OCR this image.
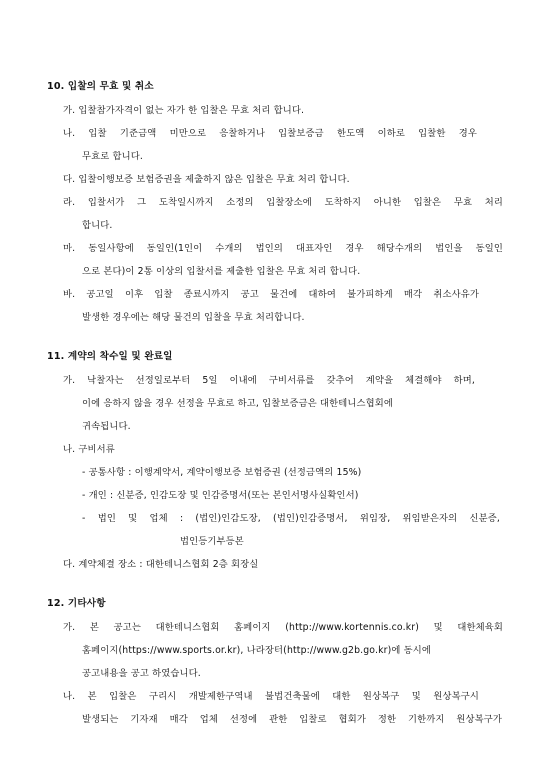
10. 입찰의 무효 및 취소
가. 입찰참가자격이 없는 자가 한 입찰은 무효 처리 합니다.
나. 입찰 기준금액 미만으로 응찰하거나 입찰보증금 한도액 이하로 입찰한 경우
무효로 합니다.
다. 입찰이행보증 보험증권을 제출하지 않은 입찰은 무효 처리 합니다.
라. 입찰서가 그 도착일시까지 소정의 입찰장소에 도착하지 아니한 입찰은 무효 처리
합니다.
마. 동일사항에 동일인(1인이 수개의 법인의 대표자인 경우 해당수개의 법인을 동일인
으로 본다)이 2통 이상의 입찰서를 제출한 입찰은 무효 처리 합니다.
바. 공고일 이후 입찰 종료시까지 공고 물건에 대하여 불가피하게 매각 취소사유가
발생한 경우에는 해당 물건의 입찰을 무효 처리합니다.
11. 계약의 착수일 및 완료일
가. 낙찰자는 선정일로부터 5일 이내에 구비서류를 갖추어 계약을 체결해야 하며,
이에 응하지 않을 경우 선정을 무효로 하고, 입찰보증금은 대한테니스협회에
귀속됩니다.
나. 구비서류
- 공통사항 : 이행계약서, 계약이행보증 보험증권 (선정금액의 15%)
- 개인 : 신분증, 인감도장 및 인감증명서(또는 본인서명사실확인서)
- 법인 및 업체 : (법인)인감도장, (법인)인감증명서, 위임장, 위임받은자의 신분증,
법인등기부등본
다. 계약체결 장소 : 대한테니스협회 2층 회장실
12. 기타사항
가. 본 공고는 대한테니스협회 홈페이지 (http://www.kortennis.co.kr) 및 대한체육회
홈페이지(https://www.sports.or.kr), 나라장터(http://www.g2b.go.kr)에 동시에
공고내용을 공고 하였습니다.
나. 본 입찰은 구리시 개발제한구역내 불법건축물에 대한 원상복구 및 원상복구시
발생되는 기자재 매각 업체 선정에 관한 입찰로 협회가 정한 기한까지 원상복구가
